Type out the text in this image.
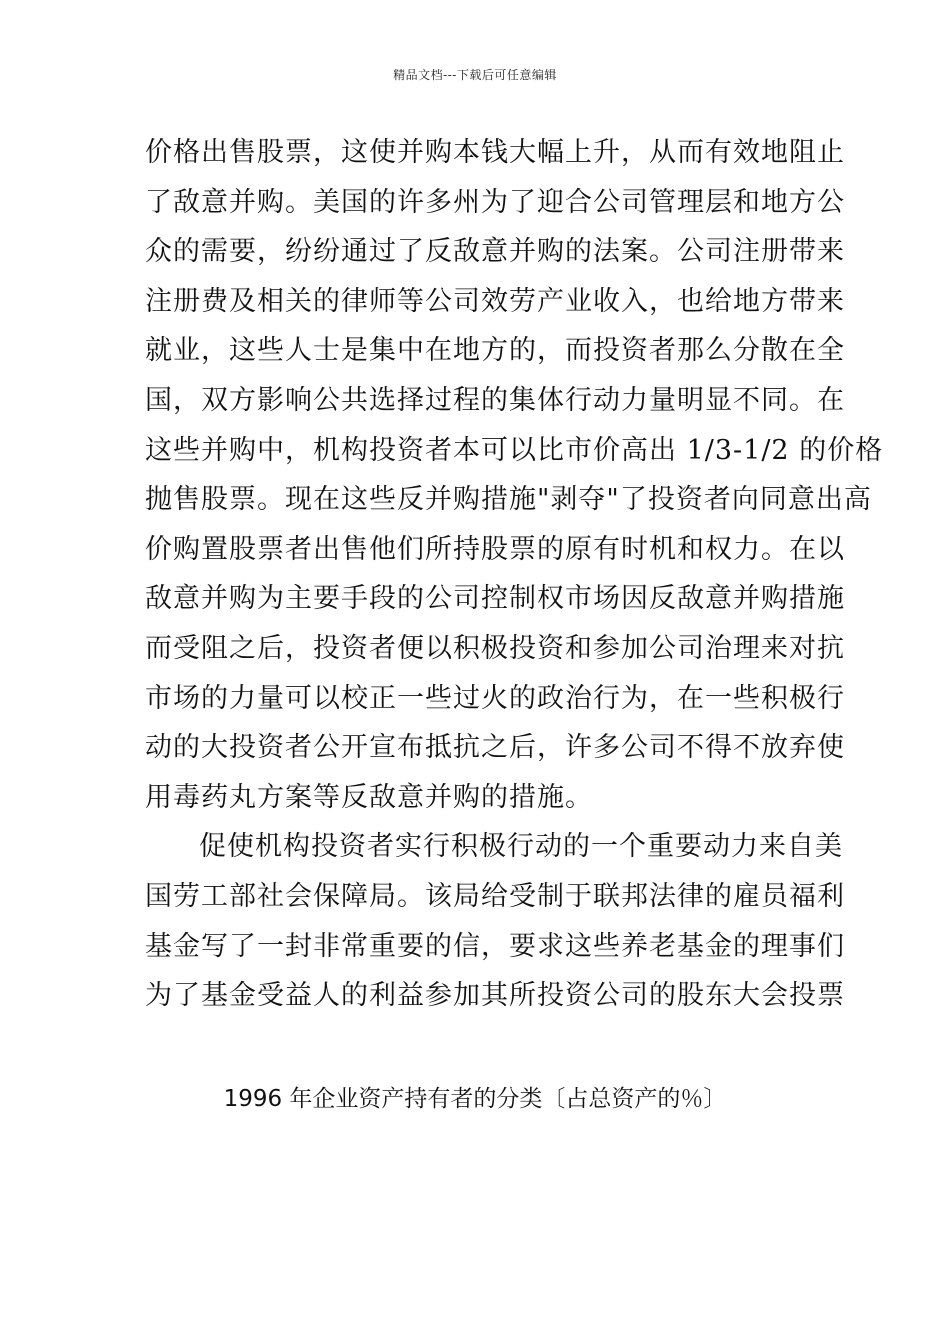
精品文档---下载后可任意编辑
价格出售股票，这使并购本钱大幅上升，从而有效地阻止
了敌意并购。美国的许多州为了迎合公司管理层和地方公
众的需要，纷纷通过了反敌意并购的法案。公司注册带来
注册费及相关的律师等公司效劳产业收入，也给地方带来
就业，这些人士是集中在地方的，而投资者那么分散在全
国，双方影响公共选择过程的集体行动力量明显不同。在
这些并购中，机构投资者本可以比市价高出 1/3-1/2 的价格
抛售股票。现在这些反并购措施"剥夺"了投资者向同意出高
价购置股票者出售他们所持股票的原有时机和权力。在以
敌意并购为主要手段的公司控制权市场因反敌意并购措施
而受阻之后，投资者便以积极投资和参加公司治理来对抗
市场的力量可以校正一些过火的政治行为，在一些积极行
动的大投资者公开宣布抵抗之后，许多公司不得不放弃使
用毒药丸方案等反敌意并购的措施。
促使机构投资者实行积极行动的一个重要动力来自美
国劳工部社会保障局。该局给受制于联邦法律的雇员福利
基金写了一封非常重要的信，要求这些养老基金的理事们
为了基金受益人的利益参加其所投资公司的股东大会投票
1996 年企业资产持有者的分类〔占总资产的％〕
